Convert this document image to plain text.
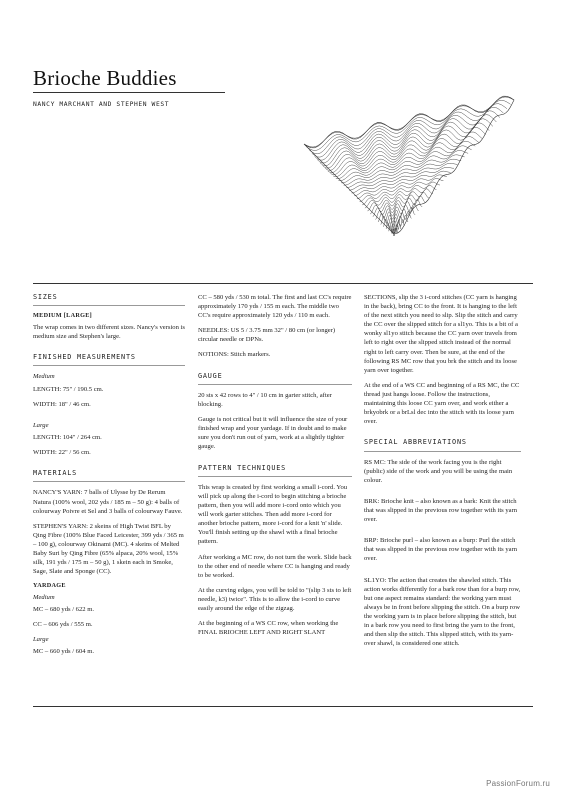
Brioche Buddies
NANCY MARCHANT AND STEPHEN WEST
SIZES
MEDIUM [LARGE]

The wrap comes in two different sizes. Nancy's version is medium size and Stephen's large.

FINISHED MEASUREMENTS
Medium

LENGTH: 75" / 190.5 cm.

WIDTH: 18" / 46 cm.

Large

LENGTH: 104" / 264 cm.

WIDTH: 22" / 56 cm.

MATERIALS

NANCY'S YARN: 7 balls of Ulysse by De Rerum Natura (100% wool, 202 yds / 185 m – 50 g): 4 balls of colourway Poivre et Sel and 3 balls of colourway Fauve.

STEPHEN'S YARN: 2 skeins of High Twist BFL by Qing Fibre (100% Blue Faced Leicester, 399 yds / 365 m – 100 g), colourway Okinami (MC). 4 skeins of Melted Baby Suri by Qing Fibre (65% alpaca, 20% wool, 15% silk, 191 yds / 175 m – 50 g), 1 skein each in Smoke, Sage, Slate and Sponge (CC).

YARDAGE
Medium

MC – 680 yds / 622 m.

CC – 606 yds / 555 m.

Large

MC – 660 yds / 604 m.

CC – 580 yds / 530 m total. The first and last CC's require approximately 170 yds / 155 m each. The middle two CC's require approximately 120 yds / 110 m each.

NEEDLES: US 5 / 3.75 mm 32" / 80 cm (or longer) circular needle or DPNs.

NOTIONS: Stitch markers.

GAUGE

20 sts x 42 rows to 4" / 10 cm in garter stitch, after blocking.

Gauge is not critical but it will influence the size of your finished wrap and your yardage. If in doubt and to make sure you don't run out of yarn, work at a slightly tighter gauge.

PATTERN TECHNIQUES

This wrap is created by first working a small i-cord. You will pick up along the i-cord to begin stitching a brioche pattern, then you will add more i-cord onto which you will work garter stitches. Then add more i-cord for another brioche pattern, more i-cord for a knit 'n' slide. You'll finish setting up the shawl with a final brioche pattern.

After working a MC row, do not turn the work. Slide back to the other end of needle where CC is hanging and ready to be worked.

At the curving edges, you will be told to "(slip 3 sts to left needle, k3) twice". This is to allow the i-cord to curve easily around the edge of the zigzag.

At the beginning of a WS CC row, when working the FINAL BRIOCHE LEFT AND RIGHT SLANT

SECTIONS, slip the 3 i-cord stitches (CC yarn is hanging in the back), bring CC to the front. It is hanging to the left of the next stitch you need to slip. Slip the stitch and carry the CC over the slipped stitch for a sl1yo. This is a bit of a wonky sl1yo stitch because the CC yarn over travels from left to right over the slipped stitch instead of the normal right to left carry over. Then be sure, at the end of the following RS MC row that you brk the stitch and its loose yarn over together.

At the end of a WS CC and beginning of a RS MC, the CC thread just hangs loose. Follow the instructions, maintaining this loose CC yarn over, and work either a brkyobrk or a brLsl dec into the stitch with its loose yarn over.

SPECIAL ABBREVIATIONS

RS MC: The side of the work facing you is the right (public) side of the work and you will be using the main colour.

BRK: Brioche knit – also known as a bark: Knit the stitch that was slipped in the previous row together with its yarn over.

BRP: Brioche purl – also known as a burp: Purl the stitch that was slipped in the previous row together with its yarn over.

SL1YO: The action that creates the shawled stitch. This action works differently for a bark row than for a burp row, but one aspect remains standard: the working yarn must always be in front before slipping the stitch. On a burp row the working yarn is in place before slipping the stitch, but in a bark row you need to first bring the yarn to the front, and then slip the stitch. This slipped stitch, with its yarn-over shawl, is considered one stitch.

PassionForum.ru
